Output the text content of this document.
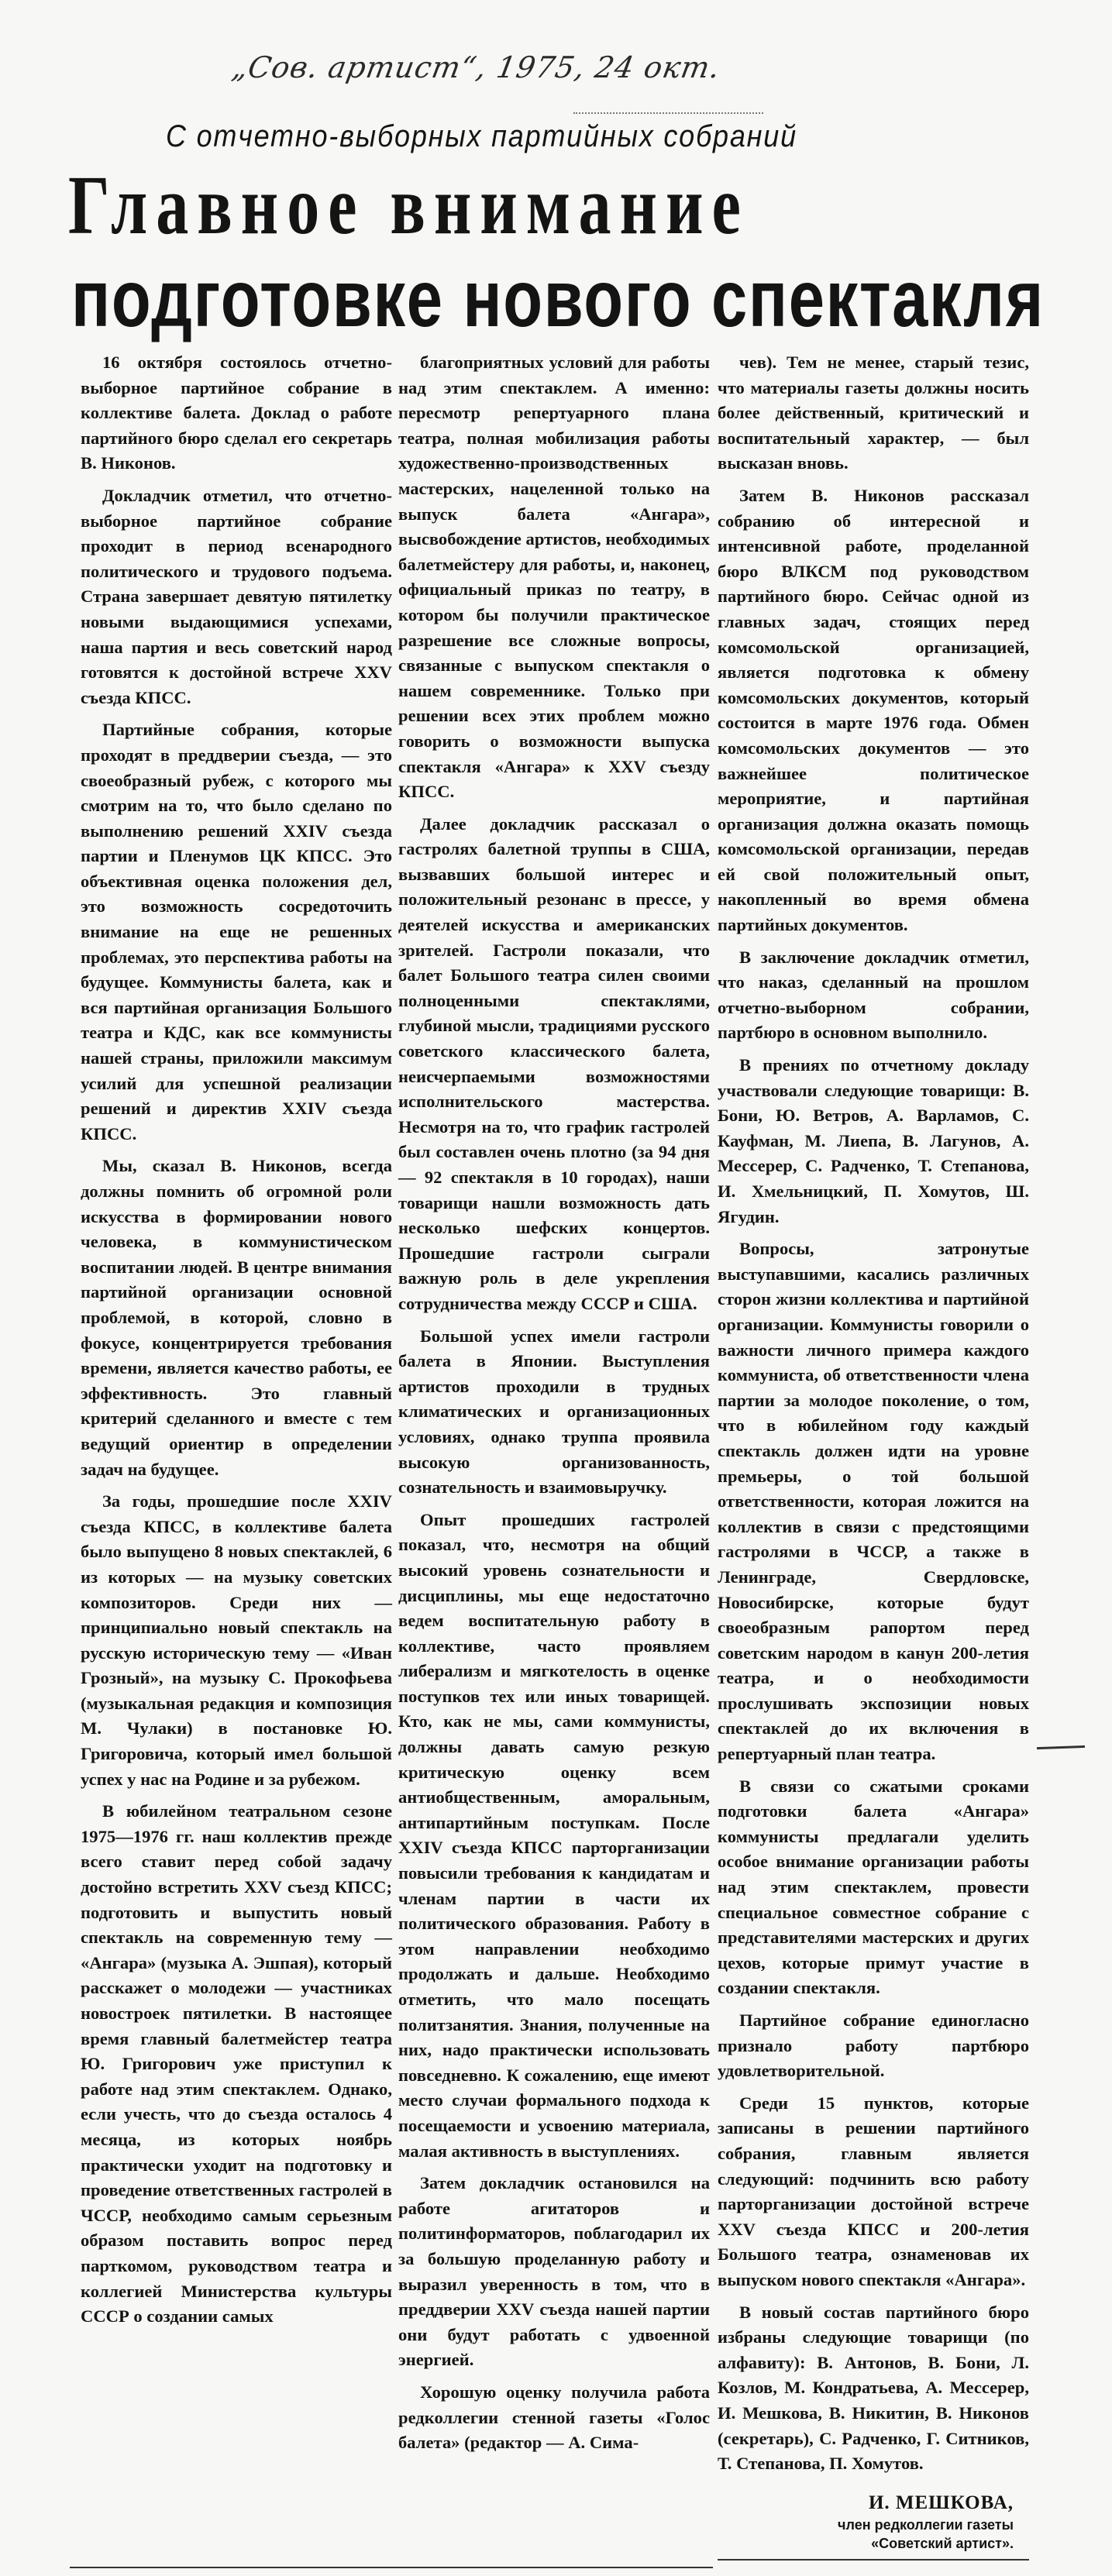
„Сов. артист“, 1975, 24 окт.
С отчетно-выборных партийных собраний
Главное внимание
подготовке нового спектакля

16 октября состоялось отчетно-выборное партийное собрание в коллективе балета. Доклад о работе партийного бюро сделал его секретарь В. Никонов.

Докладчик отметил, что отчетно-выборное партийное собрание проходит в период всенародного политического и трудового подъема. Страна завершает девятую пятилетку новыми выдающимися успехами, наша партия и весь советский народ готовятся к достойной встрече XXV съезда КПСС.

Партийные собрания, которые проходят в преддверии съезда, — это своеобразный рубеж, с которого мы смотрим на то, что было сделано по выполнению решений XXIV съезда партии и Пленумов ЦК КПСС. Это объективная оценка положения дел, это возможность сосредоточить внимание на еще не решенных проблемах, это перспектива работы на будущее. Коммунисты балета, как и вся партийная организация Большого театра и КДС, как все коммунисты нашей страны, приложили максимум усилий для успешной реализации решений и директив XXIV съезда КПСС.

Мы, сказал В. Никонов, всегда должны помнить об огромной роли искусства в формировании нового человека, в коммунистическом воспитании людей. В центре внимания партийной организации основной проблемой, в которой, словно в фокусе, концентрируется требования времени, является качество работы, ее эффективность. Это главный критерий сделанного и вместе с тем ведущий ориентир в определении задач на будущее.

За годы, прошедшие после XXIV съезда КПСС, в коллективе балета было выпущено 8 новых спектаклей, 6 из которых — на музыку советских композиторов. Среди них — принципиально новый спектакль на русскую историческую тему — «Иван Грозный», на музыку С. Прокофьева (музыкальная редакция и композиция М. Чулаки) в постановке Ю. Григоровича, который имел большой успех у нас на Родине и за рубежом.

В юбилейном театральном сезоне 1975—1976 гг. наш коллектив прежде всего ставит перед собой задачу достойно встретить XXV съезд КПСС; подготовить и выпустить новый спектакль на современную тему — «Ангара» (музыка А. Эшпая), который расскажет о молодежи — участниках новостроек пятилетки. В настоящее время главный балетмейстер театра Ю. Григорович уже приступил к работе над этим спектаклем. Однако, если учесть, что до съезда осталось 4 месяца, из которых ноябрь практически уходит на подготовку и проведение ответственных гастролей в ЧССР, необходимо самым серьезным образом поставить вопрос перед парткомом, руководством театра и коллегией Министерства культуры СССР о создании самых

благоприятных условий для работы над этим спектаклем. А именно: пересмотр репертуарного плана театра, полная мобилизация работы художественно-производственных мастерских, нацеленной только на выпуск балета «Ангара», высвобождение артистов, необходимых балетмейстеру для работы, и, наконец, официальный приказ по театру, в котором бы получили практическое разрешение все сложные вопросы, связанные с выпуском спектакля о нашем современнике. Только при решении всех этих проблем можно говорить о возможности выпуска спектакля «Ангара» к XXV съезду КПСС.

Далее докладчик рассказал о гастролях балетной труппы в США, вызвавших большой интерес и положительный резонанс в прессе, у деятелей искусства и американских зрителей. Гастроли показали, что балет Большого театра силен своими полноценными спектаклями, глубиной мысли, традициями русского советского классического балета, неисчерпаемыми возможностями исполнительского мастерства. Несмотря на то, что график гастролей был составлен очень плотно (за 94 дня — 92 спектакля в 10 городах), наши товарищи нашли возможность дать несколько шефских концертов. Прошедшие гастроли сыграли важную роль в деле укрепления сотрудничества между СССР и США.

Большой успех имели гастроли балета в Японии. Выступления артистов проходили в трудных климатических и организационных условиях, однако труппа проявила высокую организованность, сознательность и взаимовыручку.

Опыт прошедших гастролей показал, что, несмотря на общий высокий уровень сознательности и дисциплины, мы еще недостаточно ведем воспитательную работу в коллективе, часто проявляем либерализм и мягкотелость в оценке поступков тех или иных товарищей. Кто, как не мы, сами коммунисты, должны давать самую резкую критическую оценку всем антиобщественным, аморальным, антипартийным поступкам. После XXIV съезда КПСС парторганизации повысили требования к кандидатам и членам партии в части их политического образования. Работу в этом направлении необходимо продолжать и дальше. Необходимо отметить, что мало посещать политзанятия. Знания, полученные на них, надо практически использовать повседневно. К сожалению, еще имеют место случаи формального подхода к посещаемости и усвоению материала, малая активность в выступлениях.

Затем докладчик остановился на работе агитаторов и политинформаторов, поблагодарил их за большую проделанную работу и выразил уверенность в том, что в преддверии XXV съезда нашей партии они будут работать с удвоенной энергией.

Хорошую оценку получила работа редколлегии стенной газеты «Голос балета» (редактор — А. Сима-

чев). Тем не менее, старый тезис, что материалы газеты должны носить более действенный, критический и воспитательный характер, — был высказан вновь.

Затем В. Никонов рассказал собранию об интересной и интенсивной работе, проделанной бюро ВЛКСМ под руководством партийного бюро. Сейчас одной из главных задач, стоящих перед комсомольской организацией, является подготовка к обмену комсомольских документов, который состоится в марте 1976 года. Обмен комсомольских документов — это важнейшее политическое мероприятие, и партийная организация должна оказать помощь комсомольской организации, передав ей свой положительный опыт, накопленный во время обмена партийных документов.

В заключение докладчик отметил, что наказ, сделанный на прошлом отчетно-выборном собрании, партбюро в основном выполнило.

В прениях по отчетному докладу участвовали следующие товарищи: В. Бони, Ю. Ветров, А. Варламов, С. Кауфман, М. Лиепа, В. Лагунов, А. Мессерер, С. Радченко, Т. Степанова, И. Хмельницкий, П. Хомутов, Ш. Ягудин.

Вопросы, затронутые выступавшими, касались различных сторон жизни коллектива и партийной организации. Коммунисты говорили о важности личного примера каждого коммуниста, об ответственности члена партии за молодое поколение, о том, что в юбилейном году каждый спектакль должен идти на уровне премьеры, о той большой ответственности, которая ложится на коллектив в связи с предстоящими гастролями в ЧССР, а также в Ленинграде, Свердловске, Новосибирске, которые будут своеобразным рапортом перед советским народом в канун 200-летия театра, и о необходимости прослушивать экспозиции новых спектаклей до их включения в репертуарный план театра.

В связи со сжатыми сроками подготовки балета «Ангара» коммунисты предлагали уделить особое внимание организации работы над этим спектаклем, провести специальное совместное собрание с представителями мастерских и других цехов, которые примут участие в создании спектакля.

Партийное собрание единогласно признало работу партбюро удовлетворительной.

Среди 15 пунктов, которые записаны в решении партийного собрания, главным является следующий: подчинить всю работу парторганизации достойной встрече XXV съезда КПСС и 200-летия Большого театра, ознаменовав их выпуском нового спектакля «Ангара».

В новый состав партийного бюро избраны следующие товарищи (по алфавиту): В. Антонов, В. Бони, Л. Козлов, М. Кондратьева, А. Мессерер, И. Мешкова, В. Никитин, В. Никонов (секретарь), С. Радченко, Г. Ситников, Т. Степанова, П. Хомутов.

И. МЕШКОВА,
член редколлегии газеты
«Советский артист».
